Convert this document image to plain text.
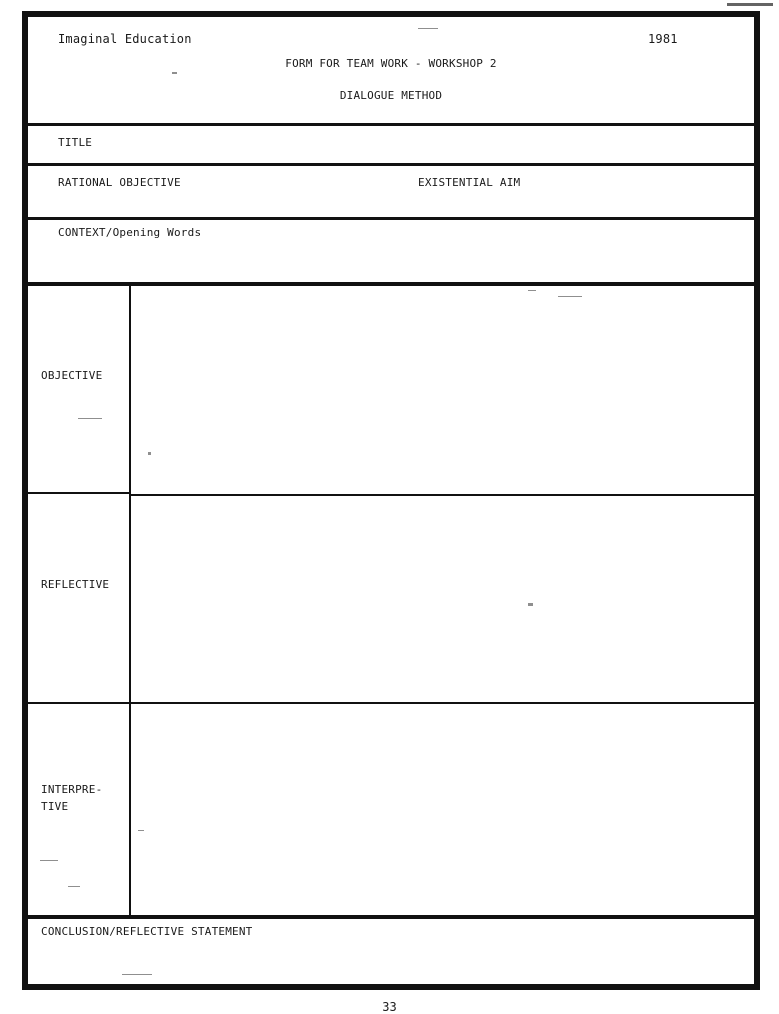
Imaginal Education	1981
FORM FOR TEAM WORK - WORKSHOP 2
DIALOGUE METHOD
TITLE
RATIONAL OBJECTIVE	EXISTENTIAL AIM
CONTEXT/Opening Words
OBJECTIVE
REFLECTIVE
INTERPRE-
TIVE
CONCLUSION/REFLECTIVE STATEMENT
33
